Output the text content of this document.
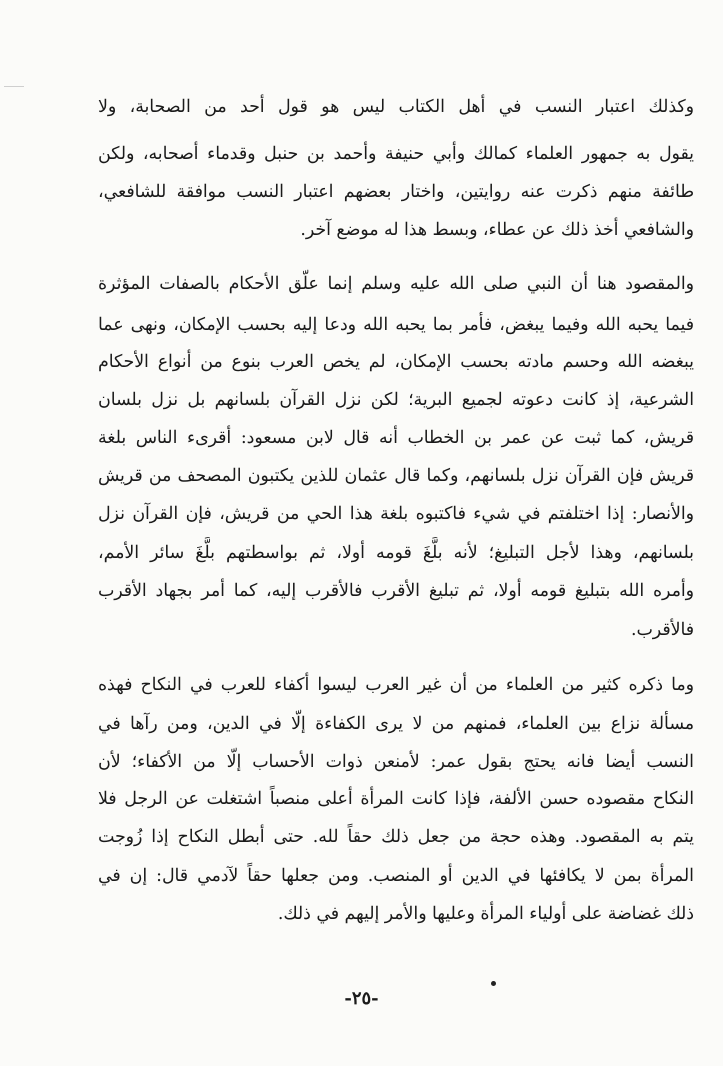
وكذلك اعتبار النسب في أهل الكتاب ليس هو قول أحد من الصحابة، ولا
يقول به جمهور العلماء كمالك وأبي حنيفة وأحمد بن حنبل وقدماء أصحابه، ولكن
طائفة منهم ذكرت عنه روايتين، واختار بعضهم اعتبار النسب موافقة للشافعي،
والشافعي أخذ ذلك عن عطاء، وبسط هذا له موضع آخر.
والمقصود هنا أن النبي صلى الله عليه وسلم إنما علّق الأحكام بالصفات المؤثرة
فيما يحبه الله وفيما يبغض، فأمر بما يحبه الله ودعا إليه بحسب الإمكان، ونهى عما
يبغضه الله وحسم مادته بحسب الإمكان، لم يخص العرب بنوع من أنواع الأحكام
الشرعية، إذ كانت دعوته لجميع البرية؛ لكن نزل القرآن بلسانهم بل نزل بلسان
قريش، كما ثبت عن عمر بن الخطاب أنه قال لابن مسعود: أقرىء الناس بلغة
قريش فإن القرآن نزل بلسانهم، وكما قال عثمان للذين يكتبون المصحف من قريش
والأنصار: إذا اختلفتم في شيء فاكتبوه بلغة هذا الحي من قريش، فإن القرآن نزل
بلسانهم، وهذا لأجل التبليغ؛ لأنه بلَّغَ قومه أولا، ثم بواسطتهم بلَّغَ سائر الأمم،
وأمره الله بتبليغ قومه أولا، ثم تبليغ الأقرب فالأقرب إليه، كما أمر بجهاد الأقرب
فالأقرب.
وما ذكره كثير من العلماء من أن غير العرب ليسوا أكفاء للعرب في النكاح فهذه
مسألة نزاع بين العلماء، فمنهم من لا يرى الكفاءة إلّا في الدين، ومن رآها في
النسب أيضا فانه يحتج بقول عمر: لأمنعن ذوات الأحساب إلّا من الأكفاء؛ لأن
النكاح مقصوده حسن الألفة، فإذا كانت المرأة أعلى منصباً اشتغلت عن الرجل فلا
يتم به المقصود. وهذه حجة من جعل ذلك حقاً لله. حتى أبطل النكاح إذا زُوجت
المرأة بمن لا يكافئها في الدين أو المنصب. ومن جعلها حقاً لآدمي قال: إن في
ذلك غضاضة على أولياء المرأة وعليها والأمر إليهم في ذلك.
-٢٥-
